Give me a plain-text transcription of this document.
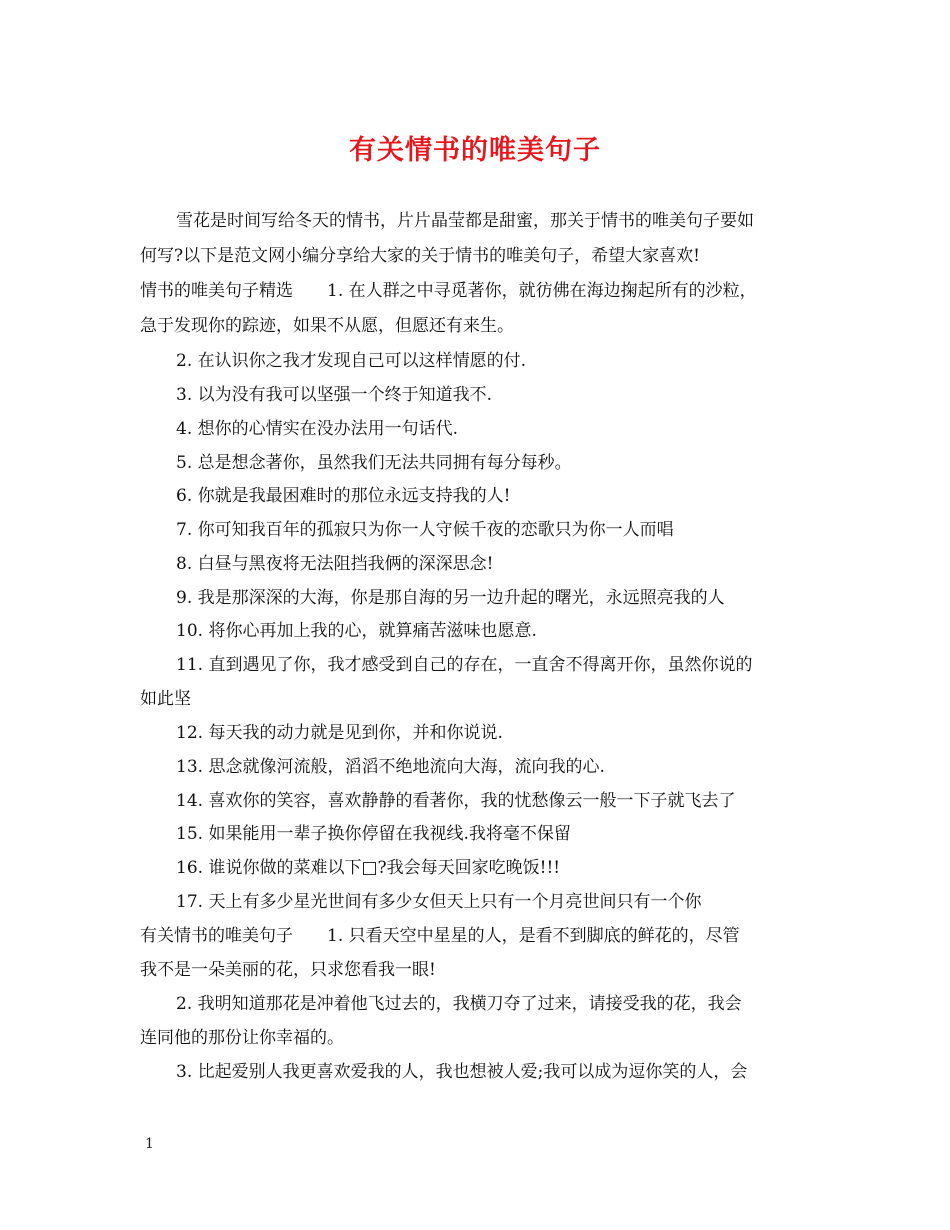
有关情书的唯美句子
雪花是时间写给冬天的情书，片片晶莹都是甜蜜，那关于情书的唯美句子要如
何写?以下是范文网小编分享给大家的关于情书的唯美句子，希望大家喜欢!
情书的唯美句子精选　　1. 在人群之中寻觅著你，就彷佛在海边掬起所有的沙粒，
急于发现你的踪迹，如果不从愿，但愿还有来生。
2. 在认识你之我才发现自己可以这样情愿的付.
3. 以为没有我可以坚强一个终于知道我不.
4. 想你的心情实在没办法用一句话代.
5. 总是想念著你，虽然我们无法共同拥有每分每秒。
6. 你就是我最困难时的那位永远支持我的人!
7. 你可知我百年的孤寂只为你一人守候千夜的恋歌只为你一人而唱
8. 白昼与黑夜将无法阻挡我俩的深深思念!
9. 我是那深深的大海，你是那自海的另一边升起的曙光，永远照亮我的人
10. 将你心再加上我的心，就算痛苦滋味也愿意.
11. 直到遇见了你，我才感受到自己的存在，一直舍不得离开你，虽然你说的
如此坚
12. 每天我的动力就是见到你，并和你说说.
13. 思念就像河流般，滔滔不绝地流向大海，流向我的心.
14. 喜欢你的笑容，喜欢静静的看著你，我的忧愁像云一般一下子就飞去了
15. 如果能用一辈子换你停留在我视线.我将毫不保留
16. 谁说你做的菜难以下□?我会每天回家吃晚饭!!!
17. 天上有多少星光世间有多少女但天上只有一个月亮世间只有一个你
有关情书的唯美句子　　1. 只看天空中星星的人，是看不到脚底的鲜花的，尽管
我不是一朵美丽的花，只求您看我一眼!
2. 我明知道那花是冲着他飞过去的，我横刀夺了过来，请接受我的花，我会
连同他的那份让你幸福的。
3. 比起爱别人我更喜欢爱我的人，我也想被人爱;我可以成为逗你笑的人，会
1
